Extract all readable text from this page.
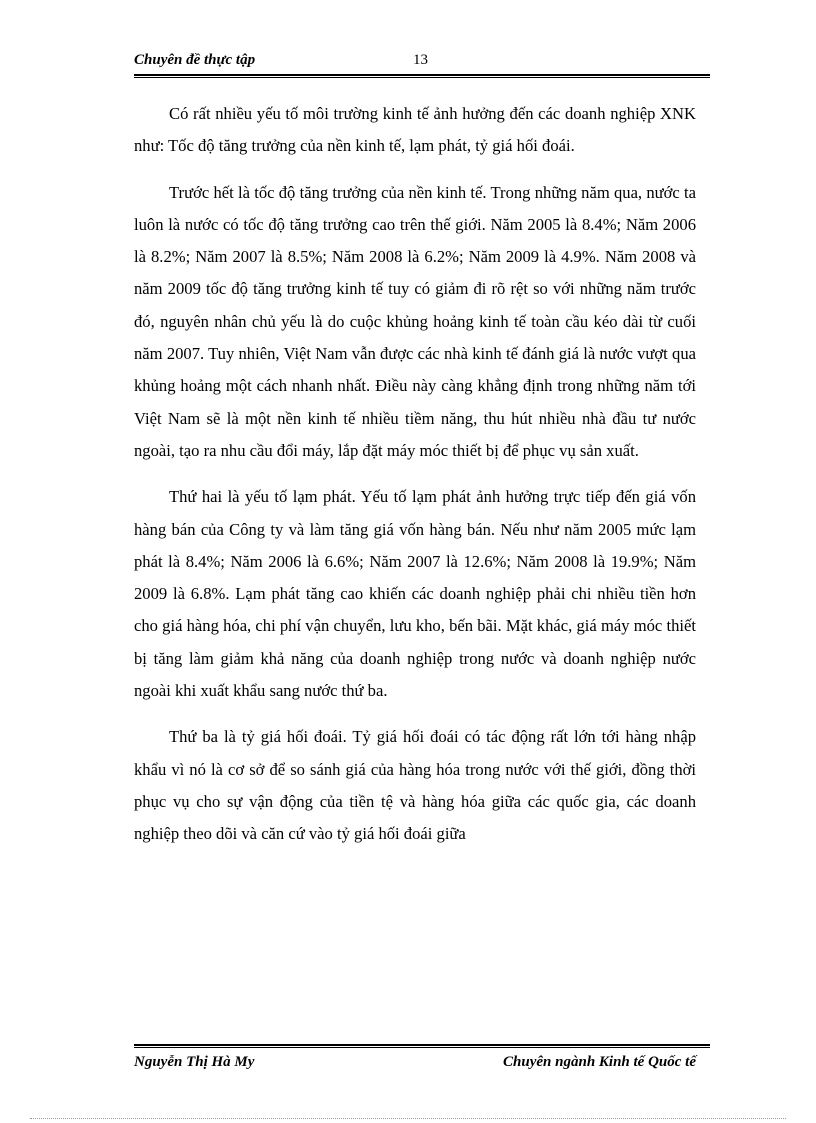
Chuyên đề thực tập	13

Có rất nhiều yếu tố môi trường kinh tế ảnh hưởng đến các doanh nghiệp XNK như: Tốc độ tăng trưởng của nền kinh tế, lạm phát, tỷ giá hối đoái.

Trước hết là tốc độ tăng trưởng của nền kinh tế. Trong những năm qua, nước ta luôn là nước có tốc độ tăng trưởng cao trên thế giới. Năm 2005 là 8.4%; Năm 2006 là 8.2%; Năm 2007 là 8.5%; Năm 2008 là 6.2%; Năm 2009 là 4.9%. Năm 2008 và năm 2009 tốc độ tăng trưởng kinh tế tuy có giảm đi rõ rệt so với những năm trước đó, nguyên nhân chủ yếu là do cuộc khủng hoảng kinh tế toàn cầu kéo dài từ cuối năm 2007. Tuy nhiên, Việt Nam vẫn được các nhà kinh tế đánh giá là nước vượt qua khủng hoảng một cách nhanh nhất. Điều này càng khẳng định trong những năm tới Việt Nam sẽ là một nền kinh tế nhiều tiềm năng, thu hút nhiều nhà đầu tư nước ngoài, tạo ra nhu cầu đổi máy, lắp đặt máy móc thiết bị để phục vụ sản xuất.

Thứ hai là yếu tố lạm phát. Yếu tố lạm phát ảnh hưởng trực tiếp đến giá vốn hàng bán của Công ty và làm tăng giá vốn hàng bán. Nếu như năm 2005 mức lạm phát là 8.4%; Năm 2006 là 6.6%; Năm 2007 là 12.6%; Năm 2008 là 19.9%; Năm 2009 là 6.8%. Lạm phát tăng cao khiến các doanh nghiệp phải chi nhiều tiền hơn cho giá hàng hóa, chi phí vận chuyển, lưu kho, bến bãi. Mặt khác, giá máy móc thiết bị tăng làm giảm khả năng của doanh nghiệp trong nước và doanh nghiệp nước ngoài khi xuất khẩu sang nước thứ ba.

Thứ ba là tỷ giá hối đoái. Tỷ giá hối đoái có tác động rất lớn tới hàng nhập khẩu vì nó là cơ sở để so sánh giá của hàng hóa trong nước với thế giới, đồng thời phục vụ cho sự vận động của tiền tệ và hàng hóa giữa các quốc gia, các doanh nghiệp theo dõi và căn cứ vào tỷ giá hối đoái giữa

Nguyễn Thị Hà My	Chuyên ngành Kinh tế Quốc tế
